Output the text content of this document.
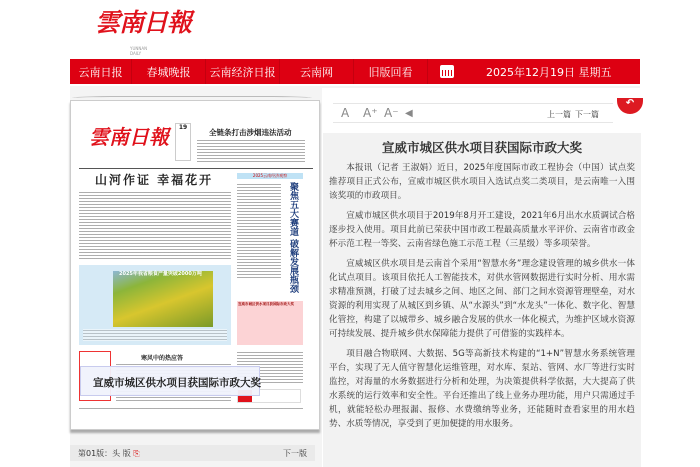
雲南日報
YUNNAN DAILY
云南日报	春城晚报	云南经济日报	云南网	旧版回看	2025年12月19日 星期五
雲南日報	19
全链条打击涉烟违法活动
山河作证 幸福花开	2025云南经济观察
聚焦五大赛道 破解发展瓶颈
2025年我省粮食产量突破2000万吨
宣威市城区供水项目获国际市政大奖
寒风中的热应答
第01版：头 版 ⎘	下一版
A A⁺ A⁻ ◀	上一篇 下一篇
↶
宣威市城区供水项目获国际市政大奖

本报讯（记者 王淑娟）近日，2025年度国际市政工程协会（中国）试点奖推荐项目正式公布，宣威市城区供水项目入选试点奖二类项目，是云南唯一入围该奖项的市政项目。

宣威市城区供水项目于2019年8月开工建设，2021年6月出水水质调试合格逐步投入使用。项目此前已荣获中国市政工程最高质量水平评价、云南省市政金杯示范工程一等奖、云南省绿色施工示范工程（三星级）等多项荣誉。

宣威城区供水项目是云南首个采用“智慧水务”理念建设管理的城乡供水一体化试点项目。该项目依托人工智能技术，对供水管网数据进行实时分析、用水需求精准预测，打破了过去城乡之间、地区之间、部门之间水资源管理壁垒，对水资源的利用实现了从城区到乡镇、从“水源头”到“水龙头”一体化、数字化、智慧化管控，构建了以城带乡、城乡融合发展的供水一体化模式，为维护区域水资源可持续发展、提升城乡供水保障能力提供了可借鉴的实践样本。

项目融合物联网、大数据、5G等高新技术构建的“1+N”智慧水务系统管理平台，实现了无人值守智慧化运维管理，对水库、泵站、管网、水厂等进行实时监控，对海量的水务数据进行分析和处理，为决策提供科学依据，大大提高了供水系统的运行效率和安全性。平台还推出了线上业务办理功能，用户只需通过手机，就能轻松办理报漏、报修、水费缴纳等业务，还能随时查看家里的用水趋势、水质等情况，享受到了更加便捷的用水服务。

宣威市城区供水项目获国际市政大奖
